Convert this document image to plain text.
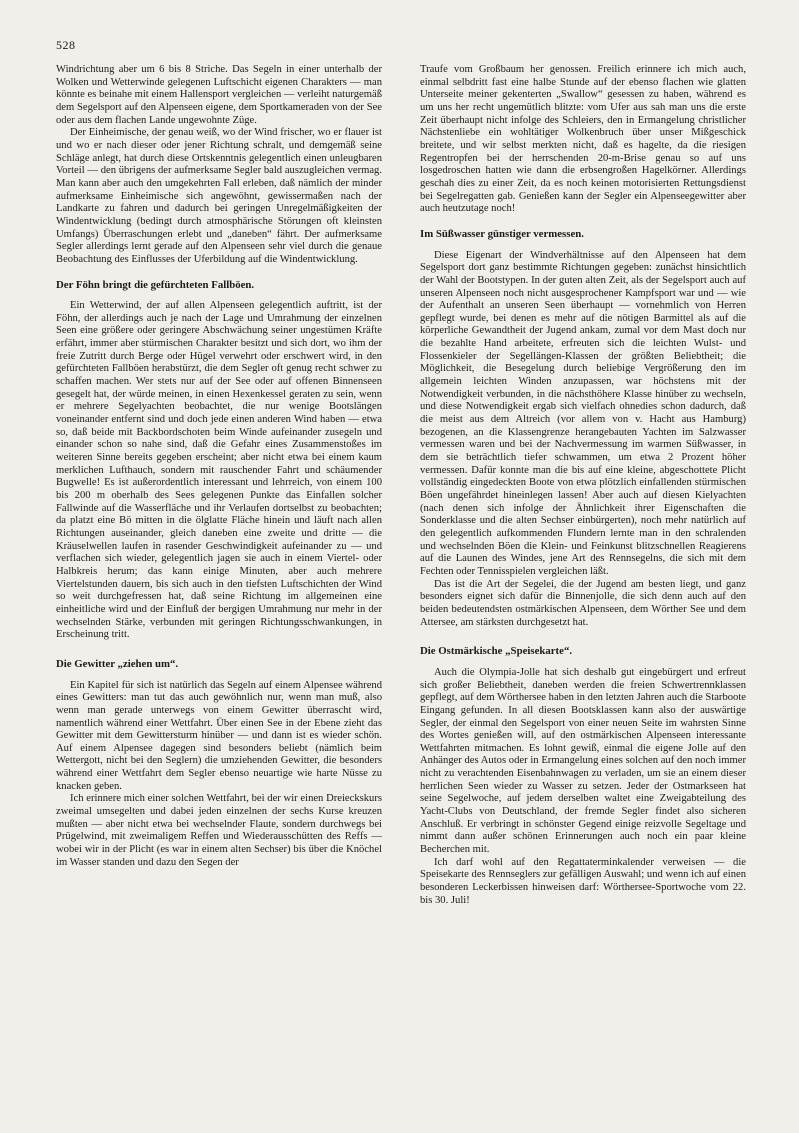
528

Windrichtung aber um 6 bis 8 Striche. Das Segeln in einer unterhalb der Wolken und Wetterwinde gelegenen Luftschicht eigenen Charakters — man könnte es beinahe mit einem Hallensport vergleichen — verleiht naturgemäß dem Segelsport auf den Alpenseen eigene, dem Sportkameraden von der See oder aus dem flachen Lande ungewohnte Züge.

Der Einheimische, der genau weiß, wo der Wind frischer, wo er flauer ist und wo er nach dieser oder jener Richtung schralt, und demgemäß seine Schläge anlegt, hat durch diese Ortskenntnis gelegentlich einen unleugbaren Vorteil — den übrigens der aufmerksame Segler bald auszugleichen vermag. Man kann aber auch den umgekehrten Fall erleben, daß nämlich der minder aufmerksame Einheimische sich angewöhnt, gewissermaßen nach der Landkarte zu fahren und dadurch bei geringen Unregelmäßigkeiten der Windentwicklung (bedingt durch atmosphärische Störungen oft kleinsten Umfangs) Überraschungen erlebt und „daneben“ fährt. Der aufmerksame Segler allerdings lernt gerade auf den Alpenseen sehr viel durch die genaue Beobachtung des Einflusses der Uferbildung auf die Windentwicklung.

Der Föhn bringt die gefürchteten Fallböen.

Ein Wetterwind, der auf allen Alpenseen gelegentlich auftritt, ist der Föhn, der allerdings auch je nach der Lage und Umrahmung der einzelnen Seen eine größere oder geringere Abschwächung seiner ungestümen Kräfte erfährt, immer aber stürmischen Charakter besitzt und sich dort, wo ihm der freie Zutritt durch Berge oder Hügel verwehrt oder erschwert wird, in den gefürchteten Fallböen herabstürzt, die dem Segler oft genug recht schwer zu schaffen machen. Wer stets nur auf der See oder auf offenen Binnenseen gesegelt hat, der würde meinen, in einen Hexenkessel geraten zu sein, wenn er mehrere Segelyachten beobachtet, die nur wenige Bootslängen voneinander entfernt sind und doch jede einen anderen Wind haben — etwa so, daß beide mit Backbordschoten beim Winde aufeinander zusegeln und einander schon so nahe sind, daß die Gefahr eines Zusammenstoßes im weiteren Sinne bereits gegeben erscheint; aber nicht etwa bei einem kaum merklichen Lufthauch, sondern mit rauschender Fahrt und schäumender Bugwelle! Es ist außerordentlich interessant und lehrreich, von einem 100 bis 200 m oberhalb des Sees gelegenen Punkte das Einfallen solcher Fallwinde auf die Wasserfläche und ihr Verlaufen dortselbst zu beobachten; da platzt eine Bö mitten in die ölglatte Fläche hinein und läuft nach allen Richtungen auseinander, gleich daneben eine zweite und dritte — die Kräuselwellen laufen in rasender Geschwindigkeit aufeinander zu — und verflachen sich wieder, gelegentlich jagen sie auch in einem Viertel- oder Halbkreis herum; das kann einige Minuten, aber auch mehrere Viertelstunden dauern, bis sich auch in den tiefsten Luftschichten der Wind so weit durchgefressen hat, daß seine Richtung im allgemeinen eine einheitliche wird und der Einfluß der bergigen Umrahmung nur mehr in der wechselnden Stärke, verbunden mit geringen Richtungsschwankungen, in Erscheinung tritt.

Die Gewitter „ziehen um“.

Ein Kapitel für sich ist natürlich das Segeln auf einem Alpensee während eines Gewitters: man tut das auch gewöhnlich nur, wenn man muß, also wenn man gerade unterwegs von einem Gewitter überrascht wird, namentlich während einer Wettfahrt. Über einen See in der Ebene zieht das Gewitter mit dem Gewittersturm hinüber — und dann ist es wieder schön. Auf einem Alpensee dagegen sind besonders beliebt (nämlich beim Wettergott, nicht bei den Seglern) die umziehenden Gewitter, die besonders während einer Wettfahrt dem Segler ebenso neuartige wie harte Nüsse zu knacken geben.

Ich erinnere mich einer solchen Wettfahrt, bei der wir einen Dreieckskurs zweimal umsegelten und dabei jeden einzelnen der sechs Kurse kreuzen mußten — aber nicht etwa bei wechselnder Flaute, sondern durchwegs bei Prügelwind, mit zweimaligem Reffen und Wiederausschütten des Reffs — wobei wir in der Plicht (es war in einem alten Sechser) bis über die Knöchel im Wasser standen und dazu den Segen der

Traufe vom Großbaum her genossen. Freilich erinnere ich mich auch, einmal selbdritt fast eine halbe Stunde auf der ebenso flachen wie glatten Unterseite meiner gekenterten „Swallow“ gesessen zu haben, während es um uns her recht ungemütlich blitzte: vom Ufer aus sah man uns die erste Zeit überhaupt nicht infolge des Schleiers, den in Ermangelung christlicher Nächstenliebe ein wohltätiger Wolkenbruch über unser Mißgeschick breitete, und wir selbst merkten nicht, daß es hagelte, da die riesigen Regentropfen bei der herrschenden 20-m-Brise genau so auf uns losgedroschen hatten wie dann die erbsengroßen Hagelkörner. Allerdings geschah dies zu einer Zeit, da es noch keinen motorisierten Rettungsdienst bei Segelregatten gab. Genießen kann der Segler ein Alpenseegewitter aber auch heutzutage noch!

Im Süßwasser günstiger vermessen.

Diese Eigenart der Windverhältnisse auf den Alpenseen hat dem Segelsport dort ganz bestimmte Richtungen gegeben: zunächst hinsichtlich der Wahl der Bootstypen. In der guten alten Zeit, als der Segelsport auch auf unseren Alpenseen noch nicht ausgesprochener Kampfsport war und — wie der Aufenthalt an unseren Seen überhaupt — vornehmlich von Herren gepflegt wurde, bei denen es mehr auf die nötigen Barmittel als auf die körperliche Gewandtheit der Jugend ankam, zumal vor dem Mast doch nur die bezahlte Hand arbeitete, erfreuten sich die leichten Wulst- und Flossenkieler der Segellängen-Klassen der größten Beliebtheit; die Möglichkeit, die Besegelung durch beliebige Vergrößerung den im allgemein leichten Winden anzupassen, war höchstens mit der Notwendigkeit verbunden, in die nächsthöhere Klasse hinüber zu wechseln, und diese Notwendigkeit ergab sich vielfach ohnedies schon dadurch, daß die meist aus dem Altreich (vor allem von v. Hacht aus Hamburg) bezogenen, an die Klassengrenze herangebauten Yachten im Salzwasser vermessen waren und bei der Nachvermessung im warmen Süßwasser, in dem sie beträchtlich tiefer schwammen, um etwa 2 Prozent höher vermessen. Dafür konnte man die bis auf eine kleine, abgeschottete Plicht vollständig eingedeckten Boote von etwa plötzlich einfallenden stürmischen Böen ungefährdet hineinlegen lassen! Aber auch auf diesen Kielyachten (nach denen sich infolge der Ähnlichkeit ihrer Eigenschaften die Sonderklasse und die alten Sechser einbürgerten), noch mehr natürlich auf den gelegentlich aufkommenden Flundern lernte man in den schralenden und wechselnden Böen die Klein- und Feinkunst blitzschnellen Reagierens auf die Launen des Windes, jene Art des Rennsegelns, die sich mit dem Fechten oder Tennisspielen vergleichen läßt.

Das ist die Art der Segelei, die der Jugend am besten liegt, und ganz besonders eignet sich dafür die Binnenjolle, die sich denn auch auf den beiden bedeutendsten ostmärkischen Alpenseen, dem Wörther See und dem Attersee, am stärksten durchgesetzt hat.

Die Ostmärkische „Speisekarte“.

Auch die Olympia-Jolle hat sich deshalb gut eingebürgert und erfreut sich großer Beliebtheit, daneben werden die freien Schwertrennklassen gepflegt, auf dem Wörthersee haben in den letzten Jahren auch die Starboote Eingang gefunden. In all diesen Bootsklassen kann also der auswärtige Segler, der einmal den Segelsport von einer neuen Seite im wahrsten Sinne des Wortes genießen will, auf den ostmärkischen Alpenseen interessante Wettfahrten mitmachen. Es lohnt gewiß, einmal die eigene Jolle auf den Anhänger des Autos oder in Ermangelung eines solchen auf den noch immer nicht zu verachtenden Eisenbahnwagen zu verladen, um sie an einem dieser herrlichen Seen wieder zu Wasser zu setzen. Jeder der Ostmarkseen hat seine Segelwoche, auf jedem derselben waltet eine Zweigabteilung des Yacht-Clubs von Deutschland, der fremde Segler findet also sicheren Anschluß. Er verbringt in schönster Gegend einige reizvolle Segeltage und nimmt dann außer schönen Erinnerungen auch noch ein paar kleine Becherchen mit.

Ich darf wohl auf den Regattaterminkalender verweisen — die Speisekarte des Rennseglers zur gefälligen Auswahl; und wenn ich auf einen besonderen Leckerbissen hinweisen darf: Wörthersee-Sportwoche vom 22. bis 30. Juli!
